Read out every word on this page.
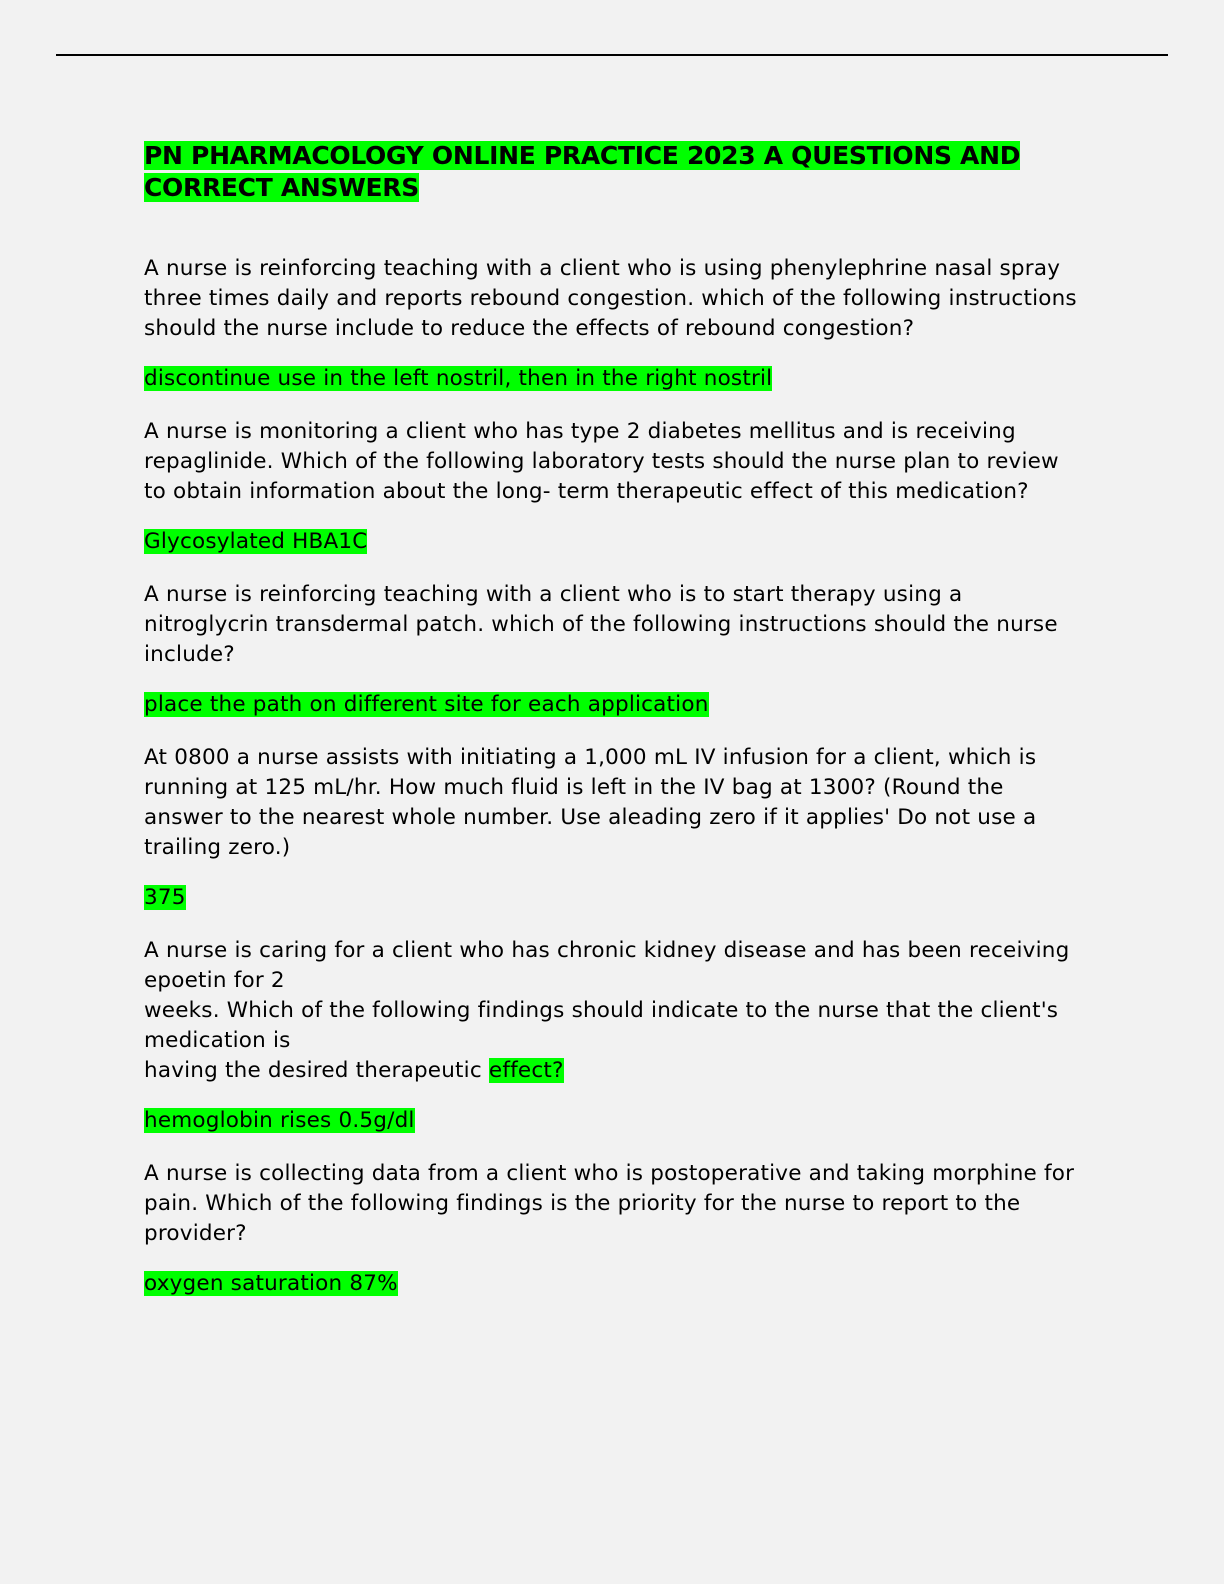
PN PHARMACOLOGY ONLINE PRACTICE 2023 A QUESTIONS AND CORRECT ANSWERS

A nurse is reinforcing teaching with a client who is using phenylephrine nasal spray three times daily and reports rebound congestion. which of the following instructions should the nurse include to reduce the effects of rebound congestion?

discontinue use in the left nostril, then in the right nostril

A nurse is monitoring a client who has type 2 diabetes mellitus and is receiving repaglinide. Which of the following laboratory tests should the nurse plan to review to obtain information about the long- term therapeutic effect of this medication?

Glycosylated HBA1C

A nurse is reinforcing teaching with a client who is to start therapy using a nitroglycrin transdermal patch. which of the following instructions should the nurse include?

place the path on different site for each application

At 0800 a nurse assists with initiating a 1,000 mL IV infusion for a client, which is running at 125 mL/hr. How much fluid is left in the IV bag at 1300? (Round the answer to the nearest whole number. Use aleading zero if it applies' Do not use a trailing zero.)

375

A nurse is caring for a client who has chronic kidney disease and has been receiving epoetin for 2
weeks. Which of the following findings should indicate to the nurse that the client's medication is
having the desired therapeutic effect?

hemoglobin rises 0.5g/dl

A nurse is collecting data from a client who is postoperative and taking morphine for pain. Which of the following findings is the priority for the nurse to report to the provider?

oxygen saturation 87%
